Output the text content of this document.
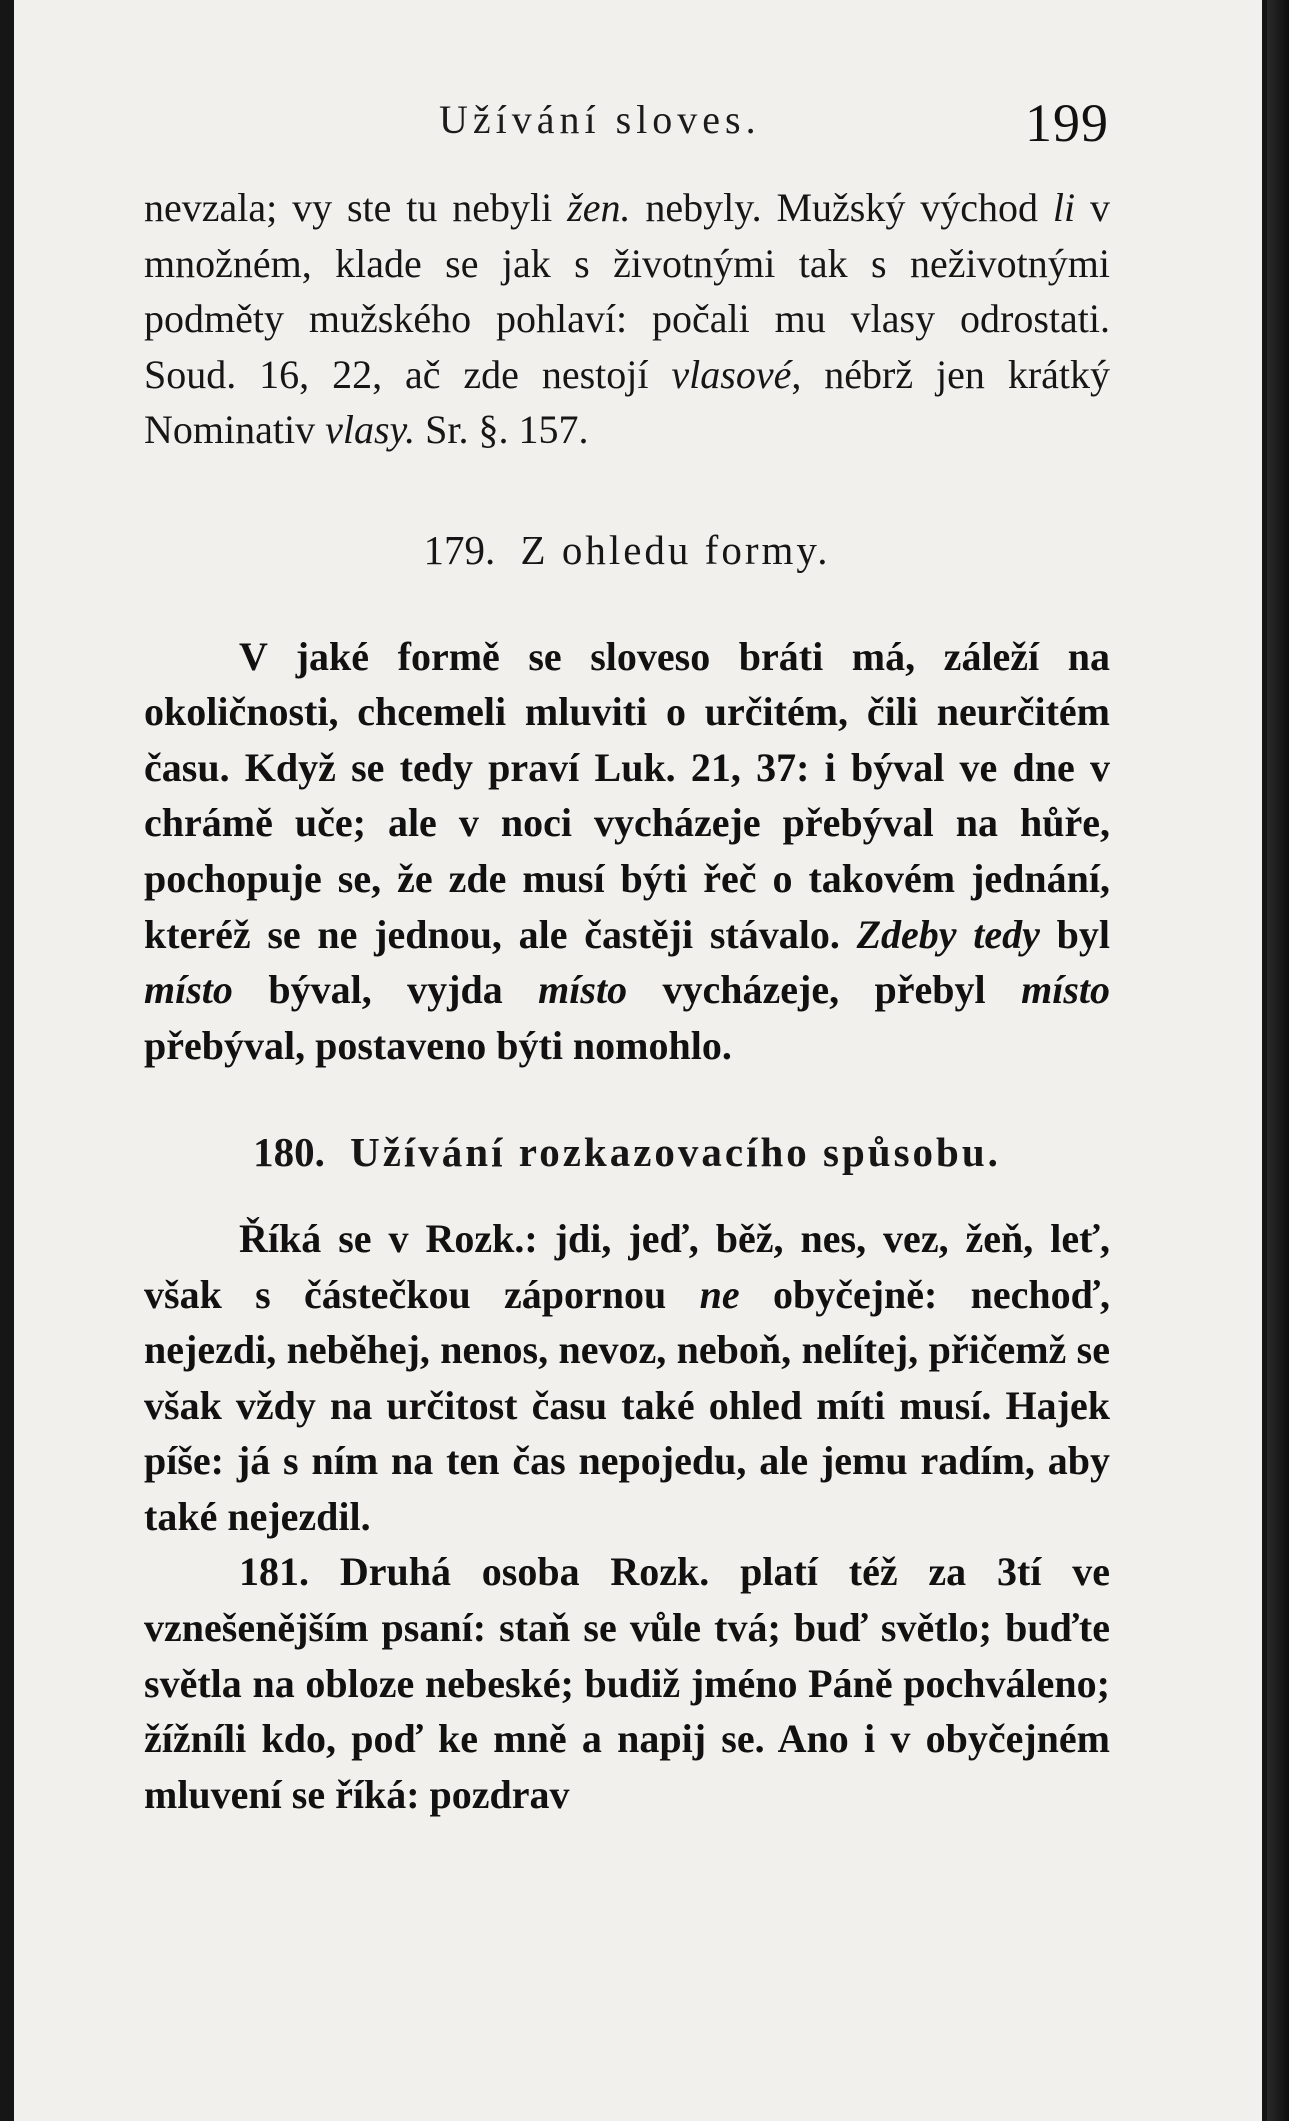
Užívání sloves.	199

nevzala; vy ste tu nebyli žen. nebyly. Mužský východ li v množném, klade se jak s životnými tak s neživotnými podměty mužského pohlaví: počali mu vlasy odrostati. Soud. 16, 22, ač zde nestojí vlasové, nébrž jen krátký Nominativ vlasy. Sr. §. 157.

179. Z ohledu formy.

V jaké formě se sloveso bráti má, záleží na okoličnosti, chcemeli mluviti o určitém, čili neurčitém času. Když se tedy praví Luk. 21, 37: i býval ve dne v chrámě uče; ale v noci vycházeje přebýval na hůře, pochopuje se, že zde musí býti řeč o takovém jednání, kteréž se ne jednou, ale častěji stávalo. Zdeby tedy byl místo býval, vyjda místo vycházeje, přebyl místo přebýval, postaveno býti nomohlo.

180. Užívání rozkazovacího spůsobu.

Říká se v Rozk.: jdi, jeď, běž, nes, vez, žeň, leť, však s částečkou zápornou ne obyčejně: nechoď, nejezdi, neběhej, nenos, nevoz, neboň, nelítej, přičemž se však vždy na určitost času také ohled míti musí. Hajek píše: já s ním na ten čas nepojedu, ale jemu radím, aby také nejezdil.

181. Druhá osoba Rozk. platí též za 3tí ve vznešenějším psaní: staň se vůle tvá; buď světlo; buďte světla na obloze nebeské; budiž jméno Páně pochváleno; žížníli kdo, poď ke mně a napij se. Ano i v obyčejném mluvení se říká: pozdrav
